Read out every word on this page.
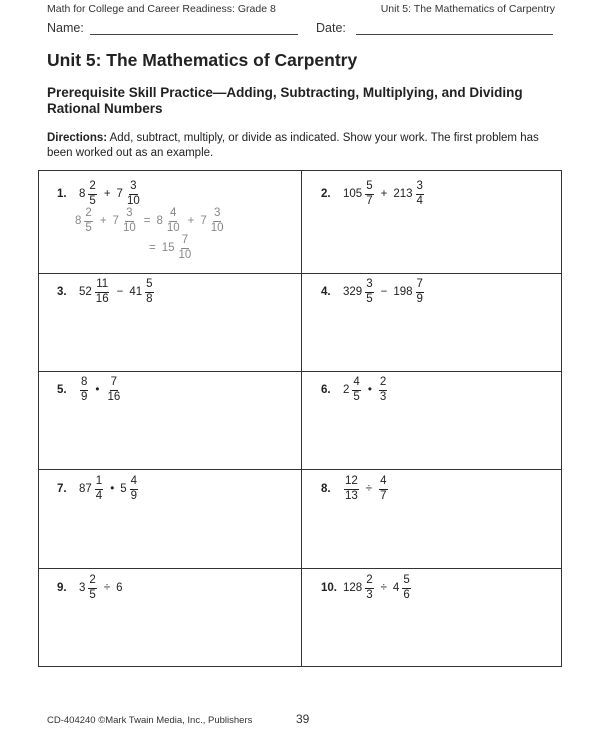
Math for College and Career Readiness: Grade 8	Unit 5: The Mathematics of Carpentry
Name:	Date:
Unit 5: The Mathematics of Carpentry
Prerequisite Skill Practice—Adding, Subtracting, Multiplying, and Dividing Rational Numbers
Directions: Add, subtract, multiply, or divide as indicated. Show your work. The first problem has been worked out as an example.
1.	$8 \frac{2}{5} + 7 \frac{3}{10}$
$8 \frac{2}{5} + 7 \frac{3}{10} = 8 \frac{4}{10} + 7 \frac{3}{10}$
= $15 \frac{7}{10}$
2.	$105 \frac{5}{7} + 213 \frac{3}{4}$
3.	$52 \frac{11}{16} - 41 \frac{5}{8}$	4.	$329 \frac{3}{5} - 198 \frac{7}{9}$
5.	$\frac{8}{9}$ • $\frac{7}{16}$	6.	$2 \frac{4}{5}$ • $\frac{2}{3}$
7.	$87 \frac{1}{4}$ • $5 \frac{4}{9}$	8.	$\frac{12}{13} \div \frac{4}{7}$
9.	$3 \frac{2}{5} \div 6$	10. $128 \frac{2}{3} \div 4 \frac{5}{6}$
CD-404240 ©Mark Twain Media, Inc., Publishers	39
